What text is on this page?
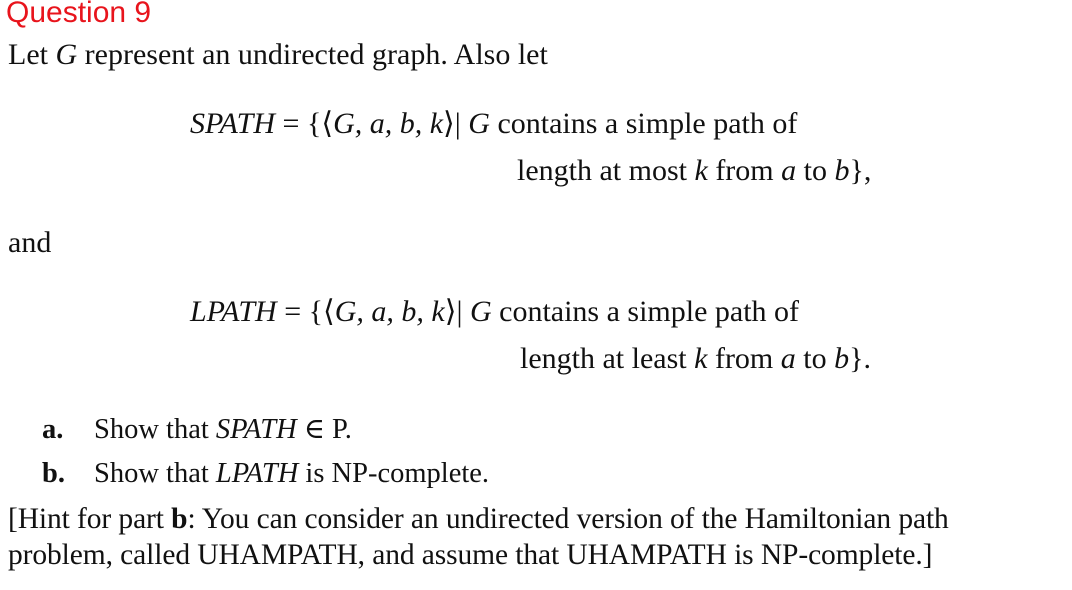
Question 9
Let G represent an undirected graph. Also let
SPATH = {⟨G, a, b, k⟩| G contains a simple path of
length at most k from a to b},
and
LPATH = {⟨G, a, b, k⟩| G contains a simple path of
length at least k from a to b}.
a. Show that SPATH ∈ P.
b. Show that LPATH is NP-complete.
[Hint for part b: You can consider an undirected version of the Hamiltonian path
problem, called UHAMPATH, and assume that UHAMPATH is NP-complete.]
